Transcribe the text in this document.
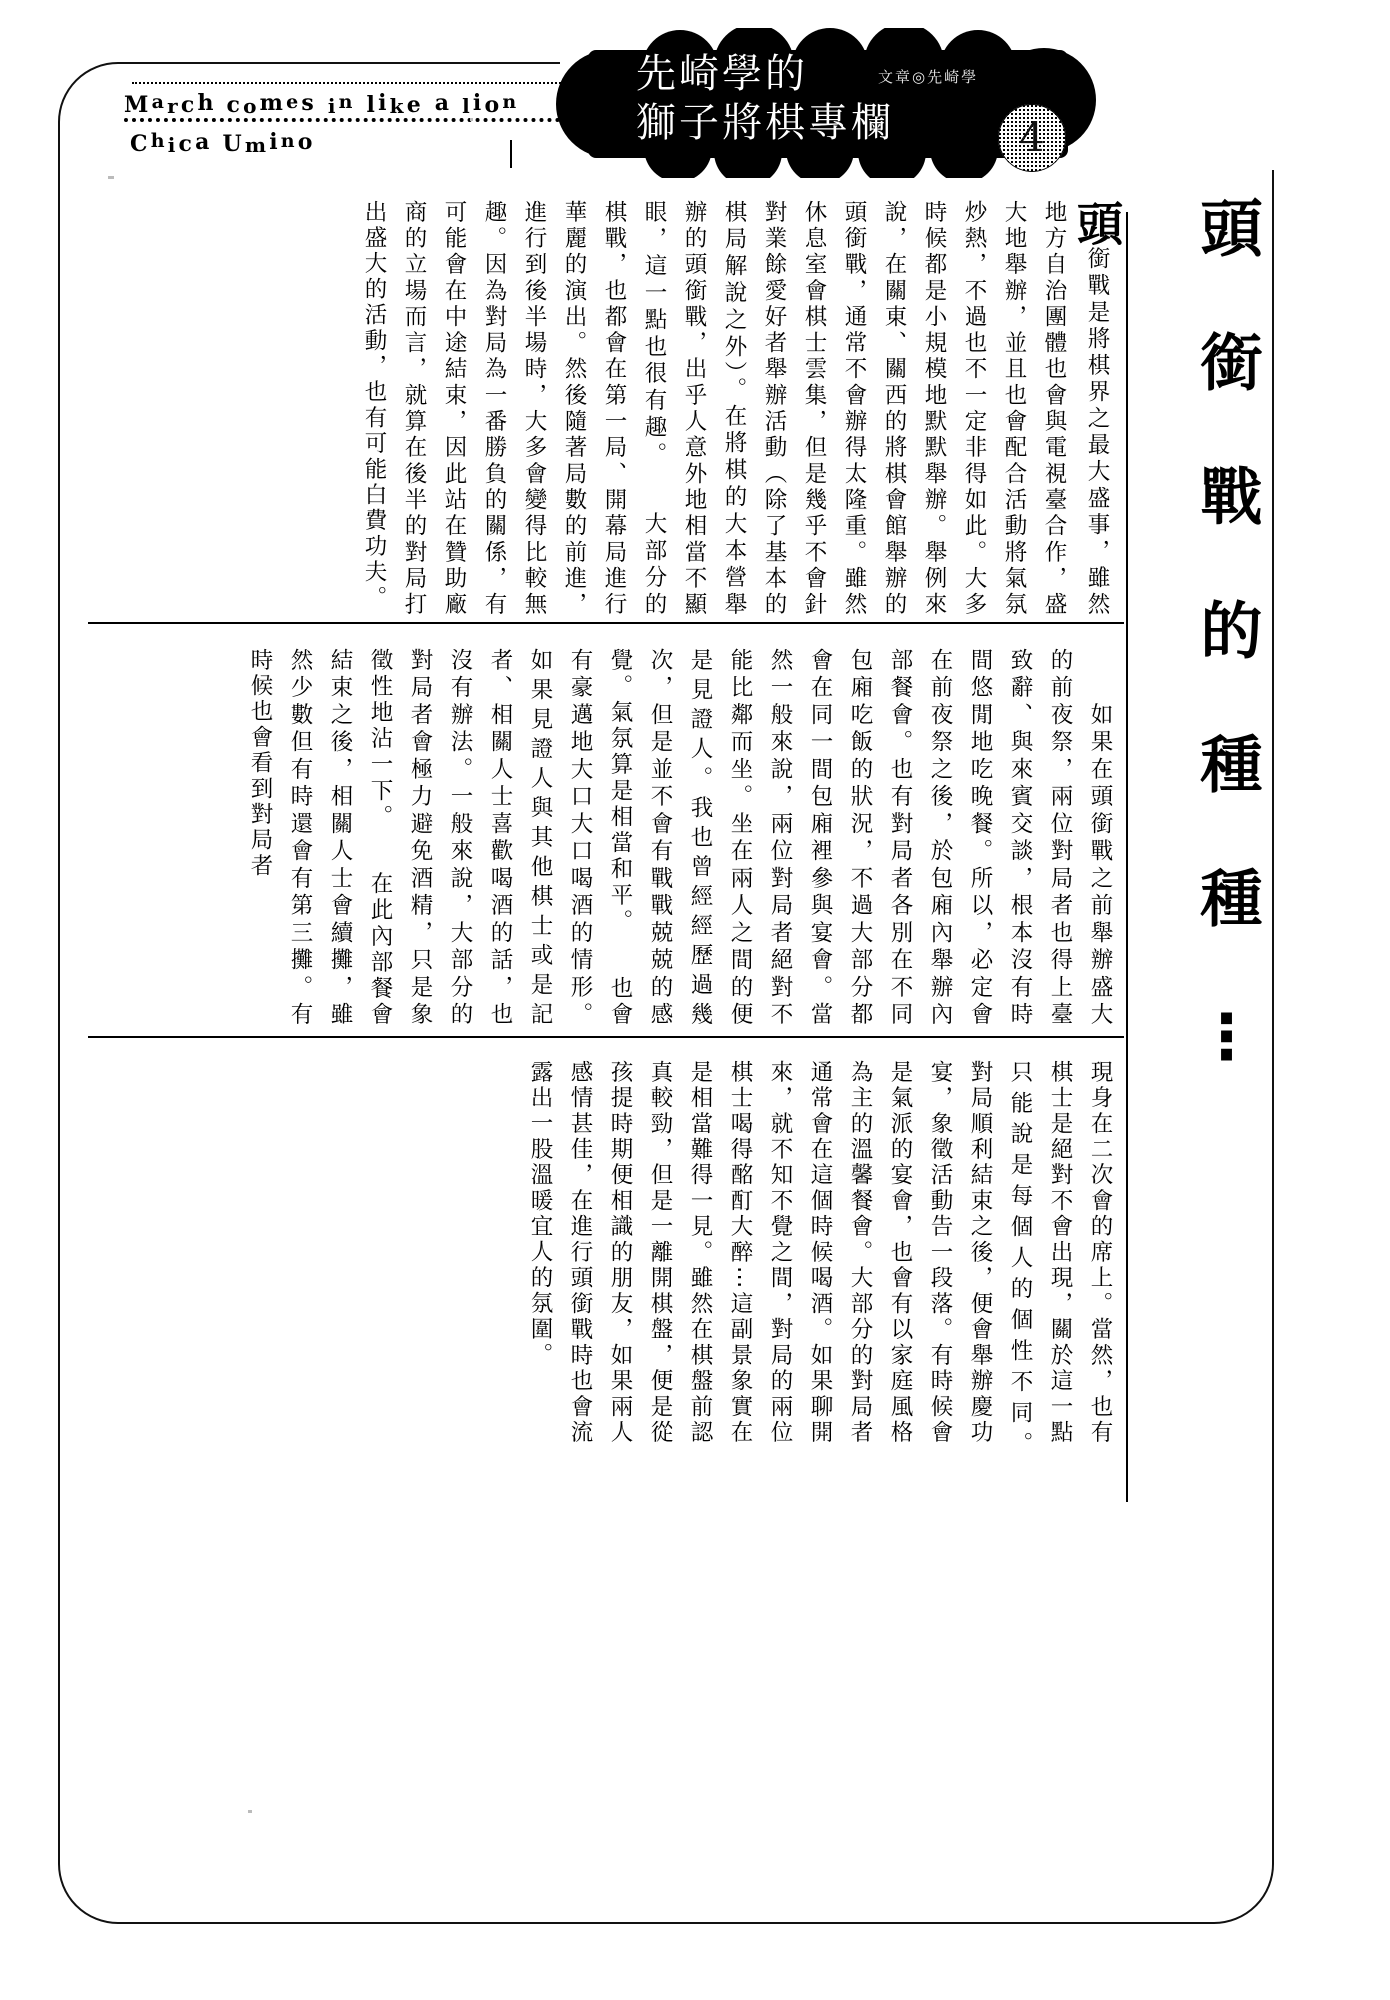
March comes in like a lion
Chica Umino
先崎學的
獅子將棋專欄
文章◎先崎學
4
頭銜戰的種種⋮

頭銜戰是將棋界之最大盛事，雖然地方自治團體也會與電視臺合作，盛大地舉辦，並且也會配合活動將氣氛炒熱，不過也不一定非得如此。大多時候都是小規模地默默舉辦。舉例來說，在關東、關西的將棋會館舉辦的頭銜戰，通常不會辦得太隆重。雖然休息室會棋士雲集，但是幾乎不會針對業餘愛好者舉辦活動（除了基本的棋局解說之外）。在將棋的大本營舉辦的頭銜戰，出乎人意外地相當不顯眼，這一點也很有趣。　　大部分的棋戰，也都會在第一局、開幕局進行華麗的演出。然後隨著局數的前進，進行到後半場時，大多會變得比較無趣。因為對局為一番勝負的關係，有可能會在中途結束，因此站在贊助廠商的立場而言，就算在後半的對局打出盛大的活動，也有可能白費功夫。

　　如果在頭銜戰之前舉辦盛大的前夜祭，兩位對局者也得上臺致辭、與來賓交談，根本沒有時間悠閒地吃晚餐。所以，必定會在前夜祭之後，於包廂內舉辦內部餐會。也有對局者各別在不同包廂吃飯的狀況，不過大部分都會在同一間包廂裡參與宴會。當然一般來說，兩位對局者絕對不能比鄰而坐。坐在兩人之間的便是見證人。我也曾經經歷過幾次，但是並不會有戰戰兢兢的感覺。氣氛算是相當和平。　　也會有豪邁地大口大口喝酒的情形。如果見證人與其他棋士或是記者、相關人士喜歡喝酒的話，也沒有辦法。一般來說，大部分的對局者會極力避免酒精，只是象徵性地沾一下。　　在此內部餐會結束之後，相關人士會續攤，雖然少數但有時還會有第三攤。有時候也會看到對局者

現身在二次會的席上。當然，也有棋士是絕對不會出現，關於這一點只能說是每個人的個性不同。　　對局順利結束之後，便會舉辦慶功宴，象徵活動告一段落。有時候會是氣派的宴會，也會有以家庭風格為主的溫馨餐會。大部分的對局者通常會在這個時候喝酒。如果聊開來，就不知不覺之間，對局的兩位棋士喝得酩酊大醉⋯這副景象實在是相當難得一見。雖然在棋盤前認真較勁，但是一離開棋盤，便是從孩提時期便相識的朋友，如果兩人感情甚佳，在進行頭銜戰時也會流露出一股溫暖宜人的氛圍。
